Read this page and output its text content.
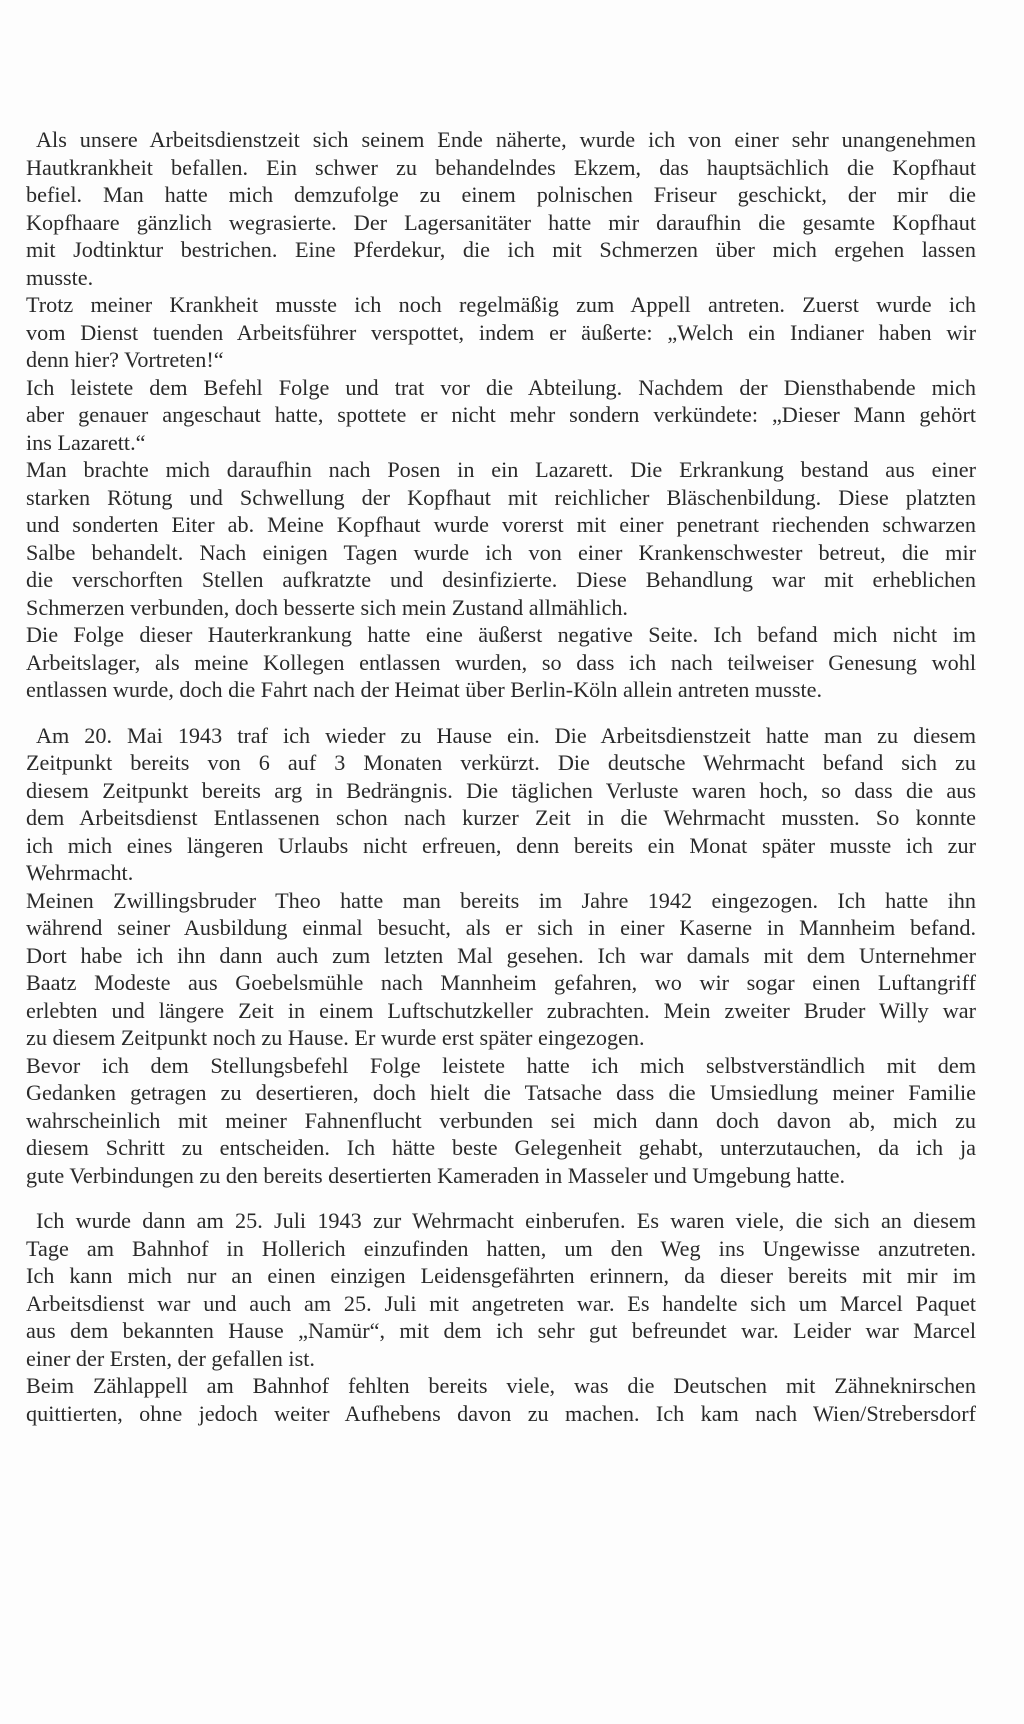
Als unsere Arbeitsdienstzeit sich seinem Ende näherte, wurde ich von einer sehr unangenehmen
Hautkrankheit befallen. Ein schwer zu behandelndes Ekzem, das hauptsächlich die Kopfhaut
befiel. Man hatte mich demzufolge zu einem polnischen Friseur geschickt, der mir die
Kopfhaare gänzlich wegrasierte. Der Lagersanitäter hatte mir daraufhin die gesamte Kopfhaut
mit Jodtinktur bestrichen. Eine Pferdekur, die ich mit Schmerzen über mich ergehen lassen
musste.
Trotz meiner Krankheit musste ich noch regelmäßig zum Appell antreten. Zuerst wurde ich
vom Dienst tuenden Arbeitsführer verspottet, indem er äußerte: „Welch ein Indianer haben wir
denn hier? Vortreten!“
Ich leistete dem Befehl Folge und trat vor die Abteilung. Nachdem der Diensthabende mich
aber genauer angeschaut hatte, spottete er nicht mehr sondern verkündete: „Dieser Mann gehört
ins Lazarett.“
Man brachte mich daraufhin nach Posen in ein Lazarett. Die Erkrankung bestand aus einer
starken Rötung und Schwellung der Kopfhaut mit reichlicher Bläschenbildung. Diese platzten
und sonderten Eiter ab. Meine Kopfhaut wurde vorerst mit einer penetrant riechenden schwarzen
Salbe behandelt. Nach einigen Tagen wurde ich von einer Krankenschwester betreut, die mir
die verschorften Stellen aufkratzte und desinfizierte. Diese Behandlung war mit erheblichen
Schmerzen verbunden, doch besserte sich mein Zustand allmählich.
Die Folge dieser Hauterkrankung hatte eine äußerst negative Seite. Ich befand mich nicht im
Arbeitslager, als meine Kollegen entlassen wurden, so dass ich nach teilweiser Genesung wohl
entlassen wurde, doch die Fahrt nach der Heimat über Berlin-Köln allein antreten musste.
Am 20. Mai 1943 traf ich wieder zu Hause ein. Die Arbeitsdienstzeit hatte man zu diesem
Zeitpunkt bereits von 6 auf 3 Monaten verkürzt. Die deutsche Wehrmacht befand sich zu
diesem Zeitpunkt bereits arg in Bedrängnis. Die täglichen Verluste waren hoch, so dass die aus
dem Arbeitsdienst Entlassenen schon nach kurzer Zeit in die Wehrmacht mussten. So konnte
ich mich eines längeren Urlaubs nicht erfreuen, denn bereits ein Monat später musste ich zur
Wehrmacht.
Meinen Zwillingsbruder Theo hatte man bereits im Jahre 1942 eingezogen. Ich hatte ihn
während seiner Ausbildung einmal besucht, als er sich in einer Kaserne in Mannheim befand.
Dort habe ich ihn dann auch zum letzten Mal gesehen. Ich war damals mit dem Unternehmer
Baatz Modeste aus Goebelsmühle nach Mannheim gefahren, wo wir sogar einen Luftangriff
erlebten und längere Zeit in einem Luftschutzkeller zubrachten. Mein zweiter Bruder Willy war
zu diesem Zeitpunkt noch zu Hause. Er wurde erst später eingezogen.
Bevor ich dem Stellungsbefehl Folge leistete hatte ich mich selbstverständlich mit dem
Gedanken getragen zu desertieren, doch hielt die Tatsache dass die Umsiedlung meiner Familie
wahrscheinlich mit meiner Fahnenflucht verbunden sei mich dann doch davon ab, mich zu
diesem Schritt zu entscheiden. Ich hätte beste Gelegenheit gehabt, unterzutauchen, da ich ja
gute Verbindungen zu den bereits desertierten Kameraden in Masseler und Umgebung hatte.
Ich wurde dann am 25. Juli 1943 zur Wehrmacht einberufen. Es waren viele, die sich an diesem
Tage am Bahnhof in Hollerich einzufinden hatten, um den Weg ins Ungewisse anzutreten.
Ich kann mich nur an einen einzigen Leidensgefährten erinnern, da dieser bereits mit mir im
Arbeitsdienst war und auch am 25. Juli mit angetreten war. Es handelte sich um Marcel Paquet
aus dem bekannten Hause „Namür“, mit dem ich sehr gut befreundet war. Leider war Marcel
einer der Ersten, der gefallen ist.
Beim Zählappell am Bahnhof fehlten bereits viele, was die Deutschen mit Zähneknirschen
quittierten, ohne jedoch weiter Aufhebens davon zu machen. Ich kam nach Wien/Strebersdorf
